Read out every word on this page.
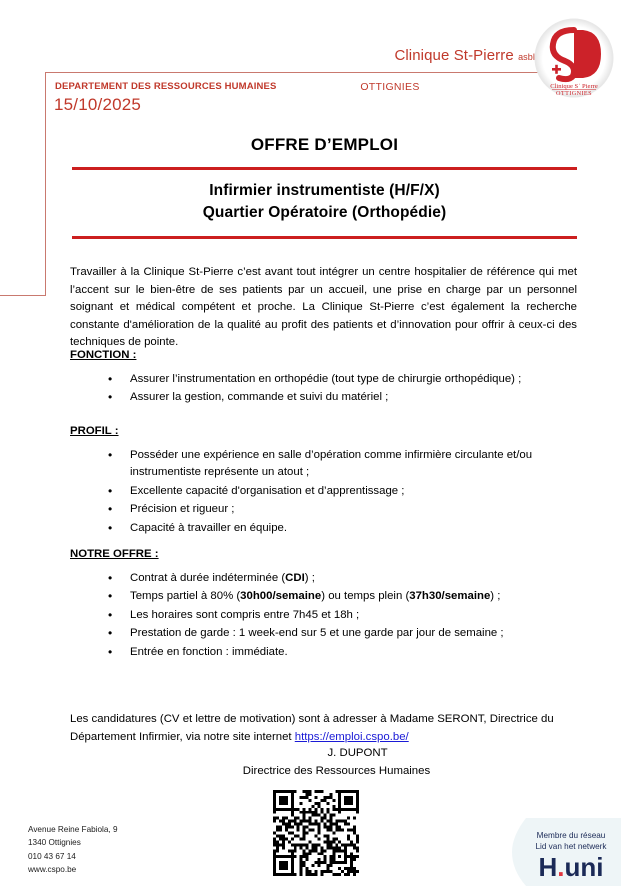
Clinique St-Pierre asbl
OTTIGNIES
DEPARTEMENT DES RESSOURCES HUMAINES
15/10/2025
Clinique Sʿ Pierre
OTTIGNIES
OFFRE D’EMPLOI
Infirmier instrumentiste (H/F/X)
Quartier Opératoire (Orthopédie)

Travailler à la Clinique St-Pierre c’est avant tout intégrer un centre hospitalier de référence qui met l’accent sur le bien-être de ses patients par un accueil, une prise en charge par un personnel soignant et médical compétent et proche. La Clinique St-Pierre c’est également la recherche constante d'amélioration de la qualité au profit des patients et d’innovation pour offrir à ceux-ci des techniques de pointe.

FONCTION :
• Assurer l’instrumentation en orthopédie (tout type de chirurgie orthopédique) ;
• Assurer la gestion, commande et suivi du matériel ;
PROFIL :
• Posséder une expérience en salle d’opération comme infirmière circulante et/ou instrumentiste représente un atout ;
• Excellente capacité d'organisation et d’apprentissage ;
• Précision et rigueur ;
• Capacité à travailler en équipe.
NOTRE OFFRE :
• Contrat à durée indéterminée (CDI) ;
• Temps partiel à 80% (30h00/semaine) ou temps plein (37h30/semaine) ;
• Les horaires sont compris entre 7h45 et 18h ;
• Prestation de garde : 1 week-end sur 5 et une garde par jour de semaine ;
• Entrée en fonction : immédiate.

Les candidatures (CV et lettre de motivation) sont à adresser à Madame SERONT, Directrice du Département Infirmier, via notre site internet https://emploi.cspo.be/

J. DUPONT
Directrice des Ressources Humaines
Avenue Reine Fabiola, 9
1340 Ottignies
010 43 67 14
www.cspo.be
Membre du réseau
Lid van het netwerk
H.uni
